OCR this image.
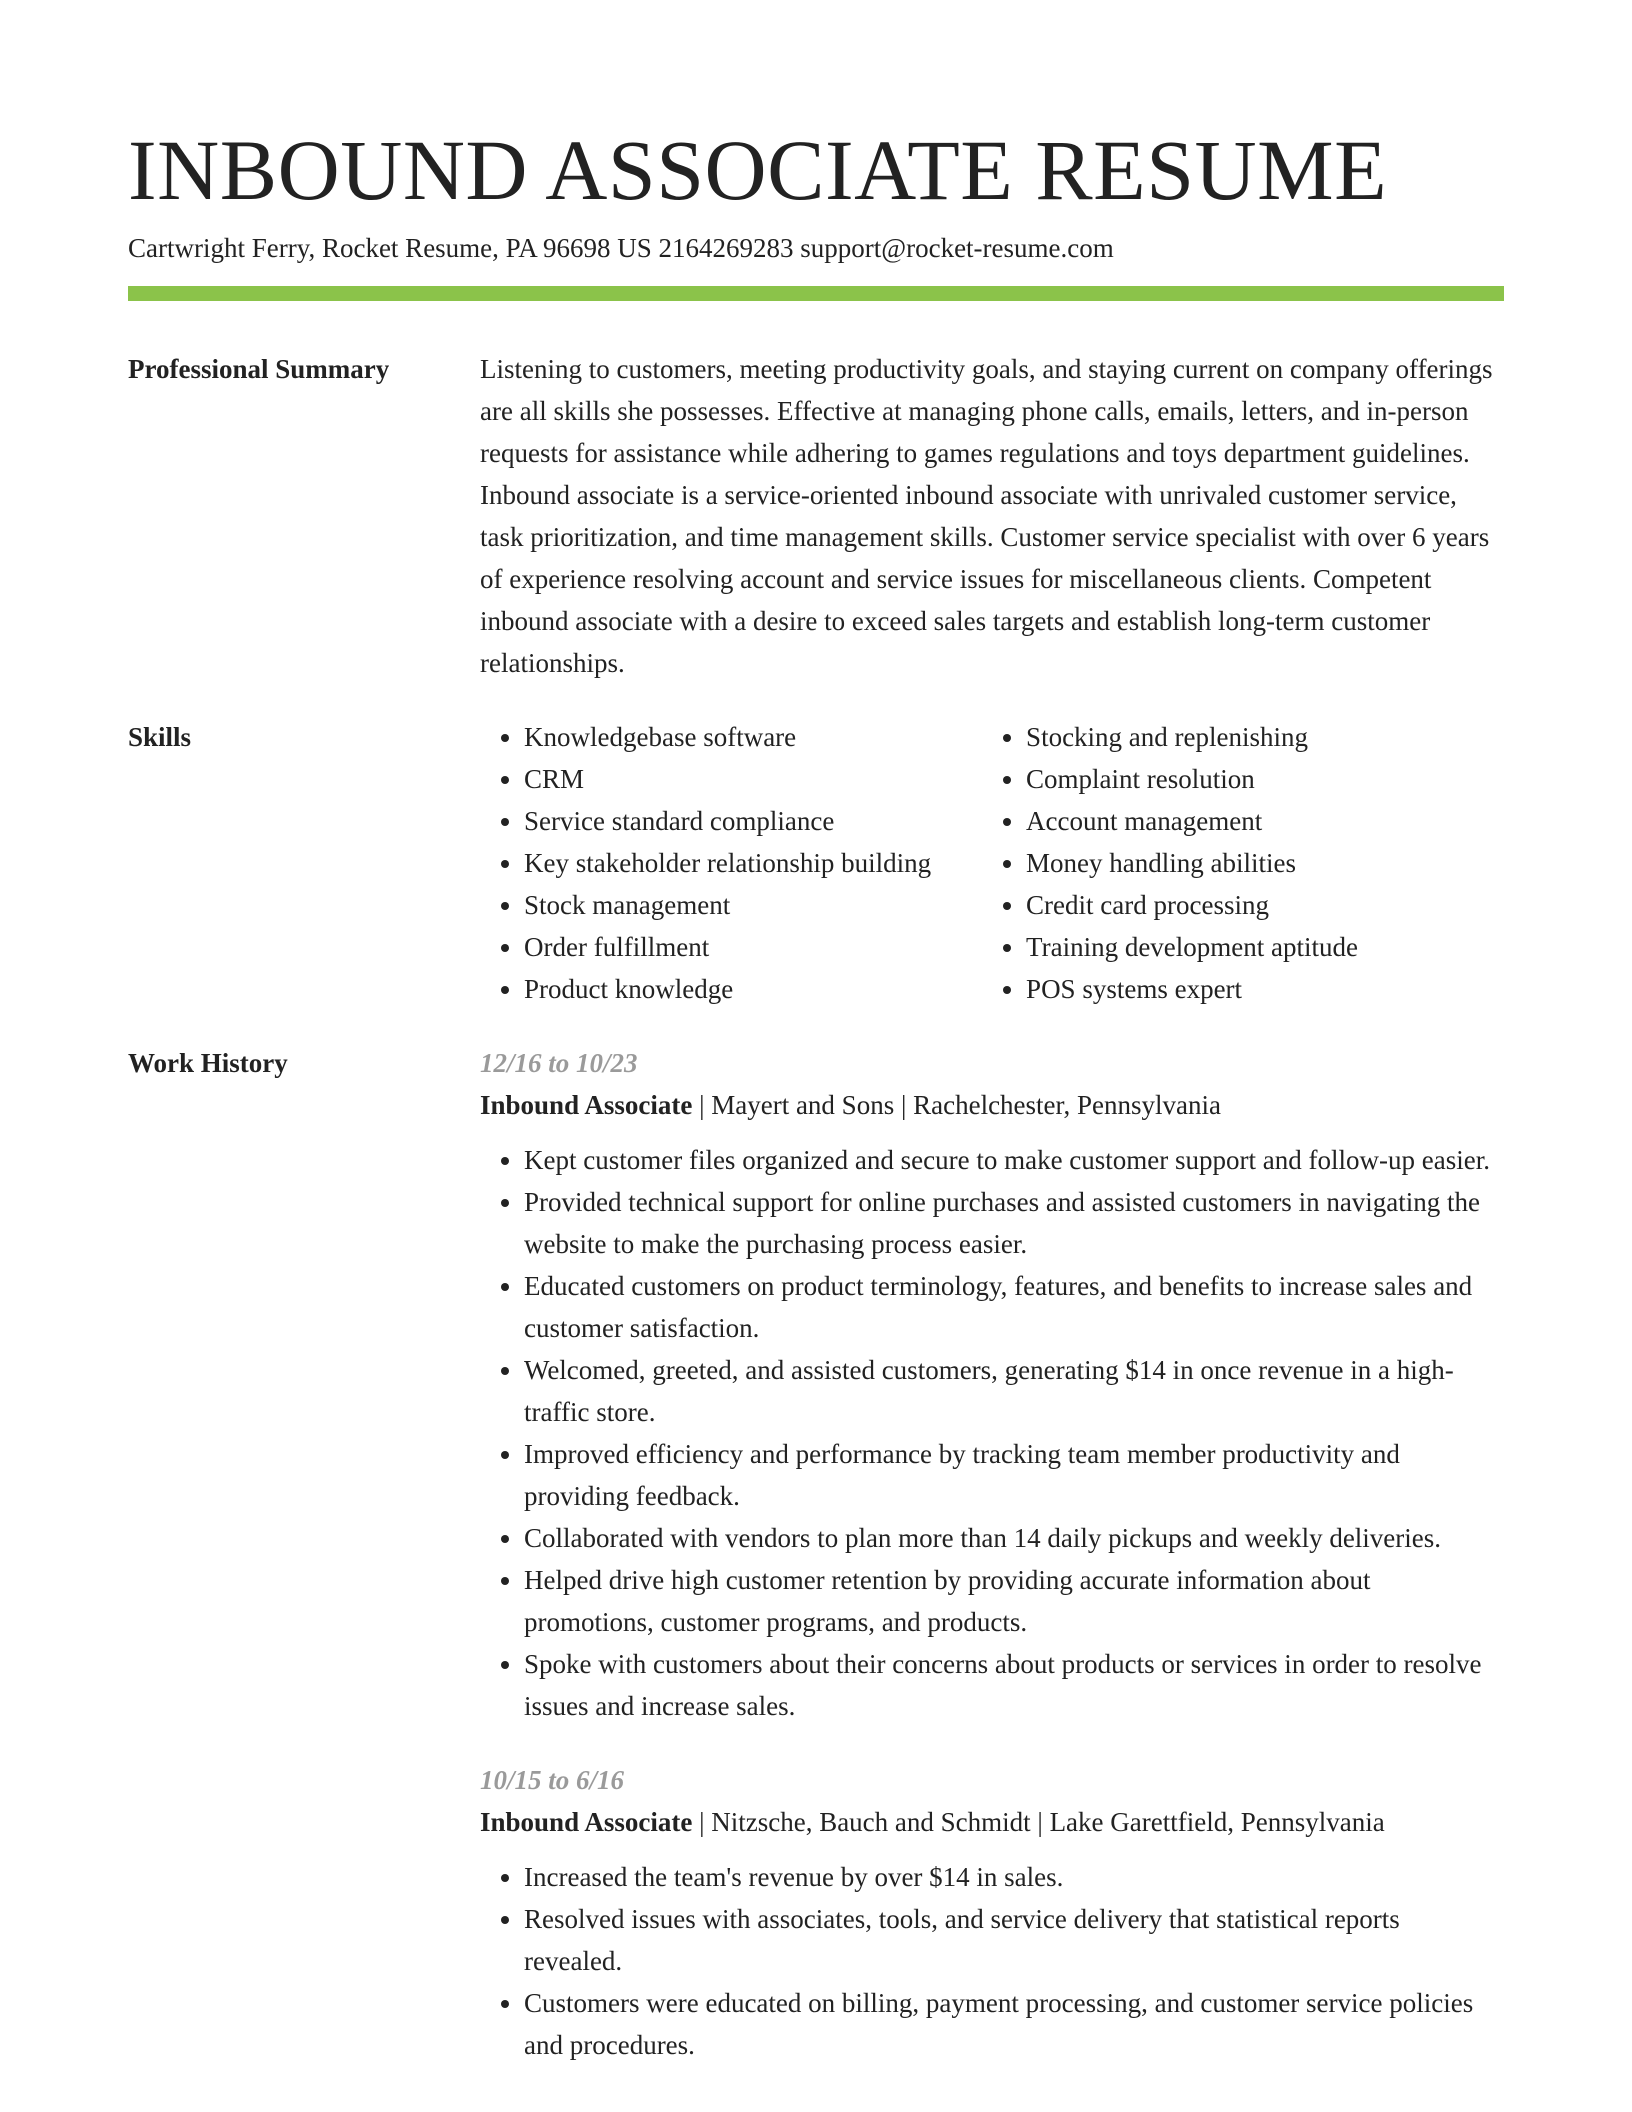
INBOUND ASSOCIATE RESUME
Cartwright Ferry, Rocket Resume, PA 96698 US 2164269283 support@rocket-resume.com
Professional Summary	Listening to customers, meeting productivity goals, and staying current on company offerings are all skills she possesses. Effective at managing phone calls, emails, letters, and in-person requests for assistance while adhering to games regulations and toys department guidelines. Inbound associate is a service-oriented inbound associate with unrivaled customer service, task prioritization, and time management skills. Customer service specialist with over 6 years of experience resolving account and service issues for miscellaneous clients. Competent inbound associate with a desire to exceed sales targets and establish long-term customer relationships.

Skills
•	Knowledgebase software
• CRM
• Service standard compliance
• Key stakeholder relationship building
• Stock management
• Order fulfillment
• Product knowledge
• Stocking and replenishing
• Complaint resolution
• Account management
• Money handling abilities
• Credit card processing
• Training development aptitude
• POS systems expert
Work History	12/16 to 10/23
Inbound Associate | Mayert and Sons | Rachelchester, Pennsylvania
• Kept customer files organized and secure to make customer support and follow-up easier.
• Provided technical support for online purchases and assisted customers in navigating the website to make the purchasing process easier.
• Educated customers on product terminology, features, and benefits to increase sales and customer satisfaction.
• Welcomed, greeted, and assisted customers, generating $14 in once revenue in a high-traffic store.
• Improved efficiency and performance by tracking team member productivity and providing feedback.
• Collaborated with vendors to plan more than 14 daily pickups and weekly deliveries.
• Helped drive high customer retention by providing accurate information about promotions, customer programs, and products.
• Spoke with customers about their concerns about products or services in order to resolve issues and increase sales.
10/15 to 6/16
Inbound Associate | Nitzsche, Bauch and Schmidt | Lake Garettfield, Pennsylvania
• Increased the team's revenue by over $14 in sales.
• Resolved issues with associates, tools, and service delivery that statistical reports revealed.
• Customers were educated on billing, payment processing, and customer service policies and procedures.
